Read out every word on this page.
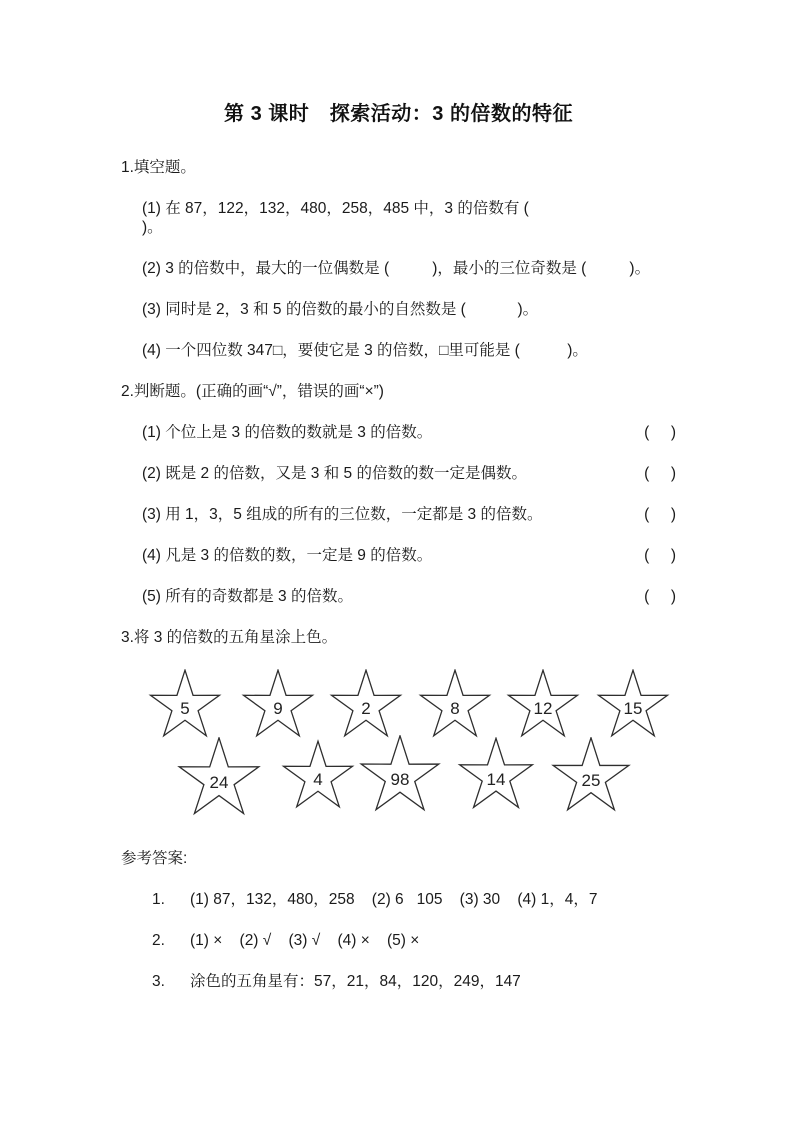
第 3 课时　探索活动：3 的倍数的特征
1.填空题。
(1) 在 87，122，132，480，258，485 中，3 的倍数有 (                                      )。
(2) 3 的倍数中，最大的一位偶数是 (          )，最小的三位奇数是 (          )。
(3) 同时是 2，3 和 5 的倍数的最小的自然数是 (            )。
(4) 一个四位数 347□，要使它是 3 的倍数，□里可能是 (           )。
2.判断题。(正确的画“√”，错误的画“×”)
(1) 个位上是 3 的倍数的数就是 3 的倍数。	(     )
(2) 既是 2 的倍数，又是 3 和 5 的倍数的数一定是偶数。	(     )
(3) 用 1，3，5 组成的所有的三位数，一定都是 3 的倍数。	(     )
(4) 凡是 3 的倍数的数，一定是 9 的倍数。	(     )
(5) 所有的奇数都是 3 的倍数。	(     )
3.将 3 的倍数的五角星涂上色。
5	9	2	8	12	15
24	4	98	14	25
参考答案:
1.	(1) 87，132，480，258    (2) 6   105    (3) 30    (4) 1，4，7
2.	(1) ×    (2) √    (3) √    (4) ×    (5) ×
3.	涂色的五角星有：57，21，84，120，249，147
